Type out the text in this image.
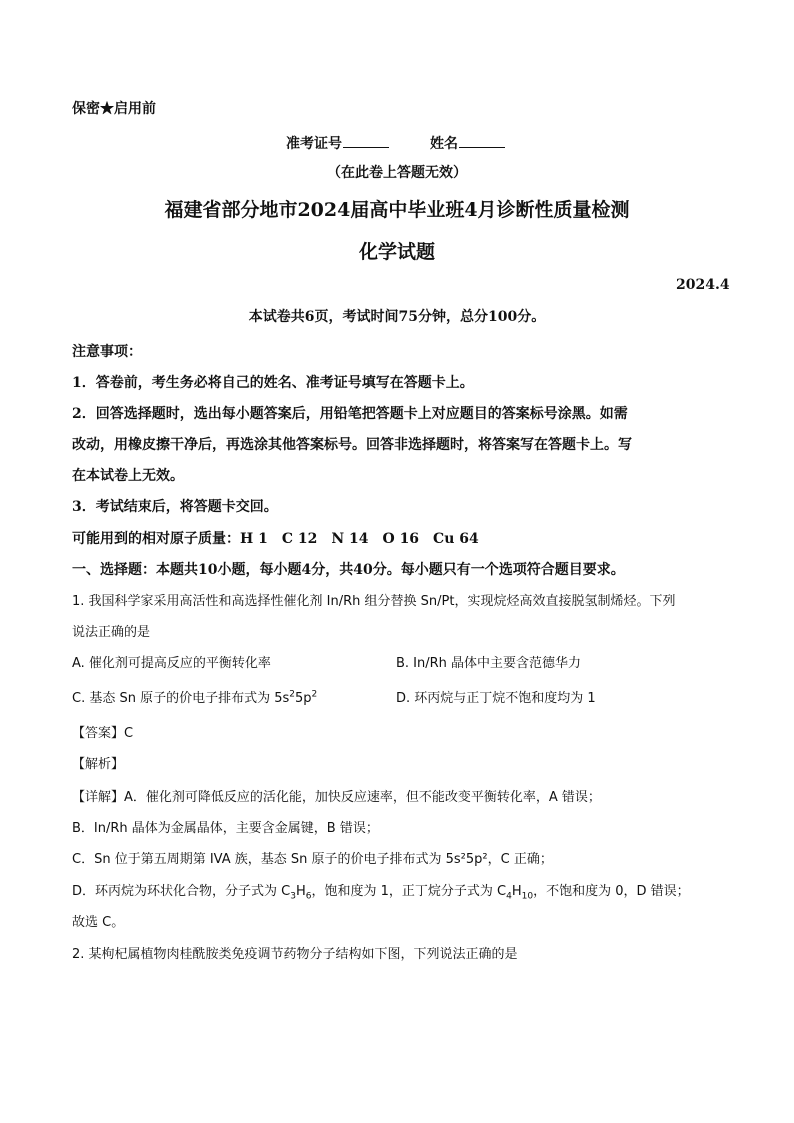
保密★启用前
准考证号	姓名
（在此卷上答题无效）
福建省部分地市2024届高中毕业班4月诊断性质量检测
化学试题
2024.4
本试卷共6页，考试时间75分钟，总分100分。
注意事项：
1．答卷前，考生务必将自己的姓名、准考证号填写在答题卡上。
2．回答选择题时，选出每小题答案后，用铅笔把答题卡上对应题目的答案标号涂黑。如需
改动，用橡皮擦干净后，再选涂其他答案标号。回答非选择题时，将答案写在答题卡上。写
在本试卷上无效。
3．考试结束后，将答题卡交回。
可能用到的相对原子质量：H 1　C 12　N 14　O 16　Cu 64
一、选择题：本题共10小题，每小题4分，共40分。每小题只有一个选项符合题目要求。
1. 我国科学家采用高活性和高选择性催化剂 In/Rh 组分替换 Sn/Pt，实现烷烃高效直接脱氢制烯烃。下列
说法正确的是
A. 催化剂可提高反应的平衡转化率	B. In/Rh 晶体中主要含范德华力
C. 基态 Sn 原子的价电子排布式为 $5s^25p^2$	D. 环丙烷与正丁烷不饱和度均为 1
【答案】C
【解析】
【详解】A．催化剂可降低反应的活化能，加快反应速率，但不能改变平衡转化率，A 错误；
B．In/Rh 晶体为金属晶体，主要含金属键，B 错误；
C．Sn 位于第五周期第 IVA 族，基态 Sn 原子的价电子排布式为 5s²5p²，C 正确；
D．环丙烷为环状化合物，分子式为 $C_3H_6$，饱和度为 1，正丁烷分子式为 $C_4H_{10}$，不饱和度为 0，D 错误；
故选 C。
2. 某枸杞属植物肉桂酰胺类免疫调节药物分子结构如下图，下列说法正确的是
